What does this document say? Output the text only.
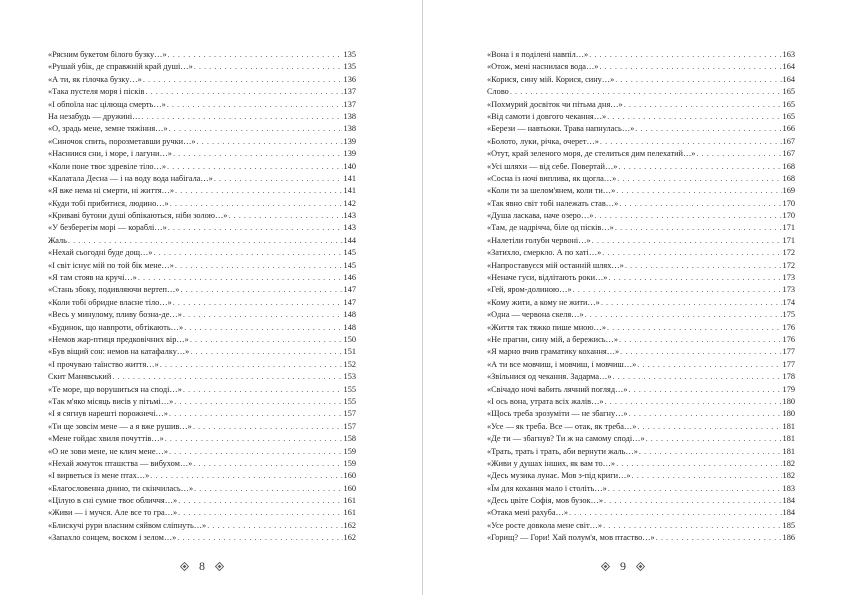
«Рясним букетом білого бузку…» . . .	135
«Рушай убік, де справжній край душі…» . . .	135
«А ти, як гілочка бузку…» . . .	136
«Така пустеля моря і пісків . . .	137
«І обпоїла нас цілюща смерть…» . . .	137
На незабудь — дружині… . . .	138
«О, зрадь мене, земне тяжіння…» . . .	138
«Синочок спить, порозметавши ручки…» . . .	139
«Насниися сни, і море, і лагуни…» . . .	139
«Коли поне твоє здревіле тіло…» . . .	140
«Калатала Десна — і на воду вода набігала…» . . .	141
«Я вже нема ні смерти, ні життя…» . . .	141
«Куди тобі прибитися, людино…» . . .	142
«Криваві бутони душі обпікаються, ніби золою…» . . .	143
«У безберегім морі — кораблі…» . . .	143
Жаль . . .	144
«Нехай сьогодні буде дощ…» . . .	145
«І світ існує мій по той бік мене…» . . .	145
«Я там стояв на кручі…» . . .	146
«Стань збоку, подивляючи вертеп…» . . .	147
«Коли тобі обридне власне тіло…» . . .	147
«Весь у минулому, пливу бозна-де…» . . .	148
«Будинок, що навпроти, обтікають…» . . .	148
«Немов жар-птиця предковічних вір…» . . .	150
«Був віщий сон: немов на катафалку…» . . .	151
«І прочуваю таїнство життя…» . . .	152
Скит Манявський . . .	153
«Те море, що ворушиться на споді…» . . .	155
«Так м'яко місяць висів у пітьмі…» . . .	155
«І я сягнув нарешті порожнечі…» . . .	157
«Ти ще зовсім мене — а я вже рушив…» . . .	157
«Мене гойдає хвиля почуттів…» . . .	158
«О не зови мене, не клич мене…» . . .	159
«Нехай жмуток пташства — вибухом…» . . .	159
«І вирветься із мене птах…» . . .	160
«Благословенна днино, ти скінчилась…» . . .	160
«Цілую в сні сумне твоє обличчя…» . . .	161
«Живи — і мучся. Але все то гра…» . . .	161
«Блискучі рури власним сяйвом сліпнуть…» . . .	162
«Запахло сонцем, воском і зелом…» . . .	162
8
«Вона і я поділені навпіл…» . . .	163
«Отож, мені наснилася вода…» . . .	164
«Корися, сину мій. Корися, сину…» . . .	164
Слово . . .	165
«Похмурий досвіток чи пітьма дня…» . . .	165
«Від самоти і довгого чекання…» . . .	165
«Берези — навтьоки. Трава напнулась…» . . .	166
«Болото, луки, річка, очерет…» . . .	167
«Отут, край зеленого моря, де стелиться дим пелехатий…» . . .	167
«Усі шляхи — від себе. Повертай…» . . .	168
«Сосна із ночі виплива, як щогла…» . . .	168
«Коли ти за шелом'янем, коли ти…» . . .	169
«Так явно світ тобі належать став…» . . .	170
«Душа ласкава, наче озеро…» . . .	170
«Там, де надрічча, біле од пісків…» . . .	171
«Налетіли голуби червоні…» . . .	171
«Затихло, смеркло. А по хаті…» . . .	172
«Напроставуєся мій останній шлях…» . . .	172
«Неначе гуси, відлітають роки…» . . .	173
«Гей, яром-долиною…» . . .	173
«Кому жити, а кому не жити…» . . .	174
«Одна — червона скеля…» . . .	175
«Життя так тяжко пише мною…» . . .	176
«Не прагни, сину мій, а бережись…» . . .	176
«Я марно вчив граматику кохання…» . . .	177
«А ти все мовчиш, і мовчиш, і мовчиш…» . . .	177
«Звільнися од чекання. Задарма…» . . .	178
«Свічадо ночі вабить лячний погляд…» . . .	179
«І ось вона, утрата всіх жалів…» . . .	180
«Щось треба зрозуміти — не збагну…» . . .	180
«Усе — як треба. Все — отак, як треба…» . . .	181
«Де ти — збагнув? Ти ж на самому споді…» . . .	181
«Трать, трать і трать, аби вернути жаль…» . . .	181
«Живи у душах інших, як вам то…» . . .	182
«Десь музика лунає. Мов з-під криги…» . . .	182
«Їм для кохання мало і століть…» . . .	183
«Десь цвіте Софія, мов бузок…» . . .	184
«Отака мені рахуба…» . . .	184
«Усе росте довкола мене світ…» . . .	185
«Горищ? — Гори! Хай полум'я, мов птаство…» . . .	186
9
